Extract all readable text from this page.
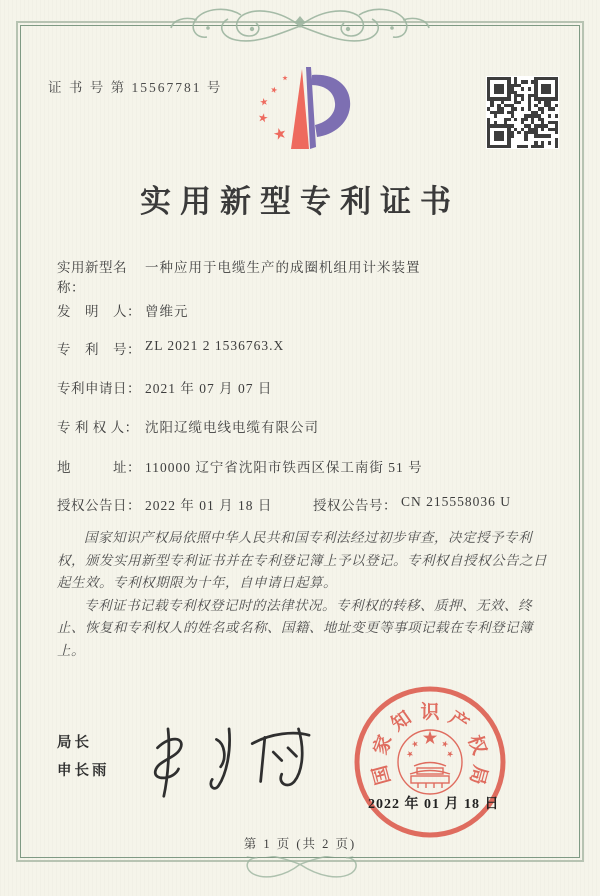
证 书 号 第 15567781 号
实用新型专利证书
实用新型名称：
一种应用于电缆生产的成圈机组用计米装置
发　明　人： 曾维元
专　利　号： ZL 2021 2 1536763.X
专利申请日： 2021 年 07 月 07 日
专 利 权 人： 沈阳辽缆电线电缆有限公司
地　　　址： 110000 辽宁省沈阳市铁西区保工南街 51 号
授权公告日： 2022 年 01 月 18 日	授权公告号： CN 215558036 U

国家知识产权局依照中华人民共和国专利法经过初步审查，决定授予专利权，颁发实用新型专利证书并在专利登记簿上予以登记。专利权自授权公告之日起生效。专利权期限为十年，自申请日起算。

专利证书记载专利权登记时的法律状况。专利权的转移、质押、无效、终止、恢复和专利权人的姓名或名称、国籍、地址变更等事项记载在专利登记簿上。

局长
申长雨	国
家
知 识 产
权
局
2022 年 01 月 18 日
第 1 页 (共 2 页)
